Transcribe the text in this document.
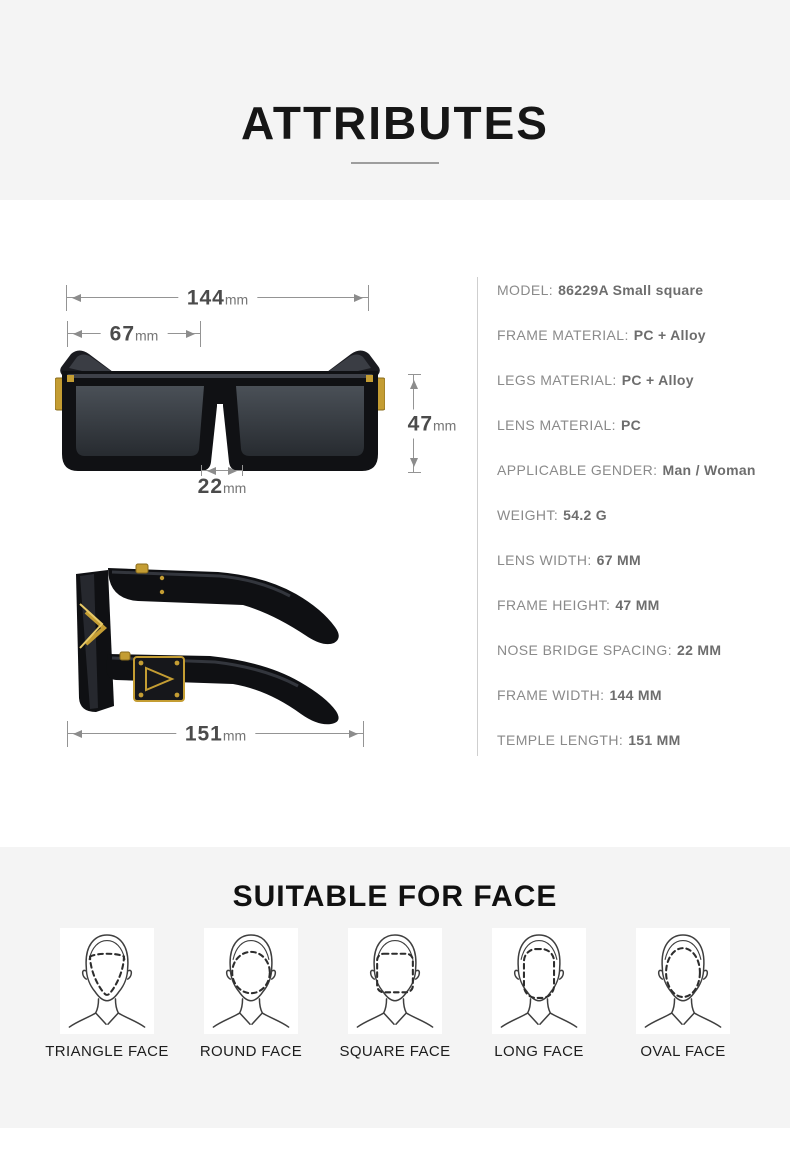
ATTRIBUTES
144mm
67mm
47mm
22mm
151mm
MODEL: 86229A Small square
FRAME MATERIAL: PC + Alloy
LEGS MATERIAL: PC + Alloy
LENS MATERIAL: PC
APPLICABLE GENDER: Man / Woman
WEIGHT: 54.2 G
LENS WIDTH: 67 MM
FRAME HEIGHT: 47 MM
NOSE BRIDGE SPACING: 22 MM
FRAME WIDTH: 144 MM
TEMPLE LENGTH: 151 MM
SUITABLE FOR FACE
TRIANGLE FACE ROUND FACE SQUARE FACE	LONG FACE	OVAL FACE
